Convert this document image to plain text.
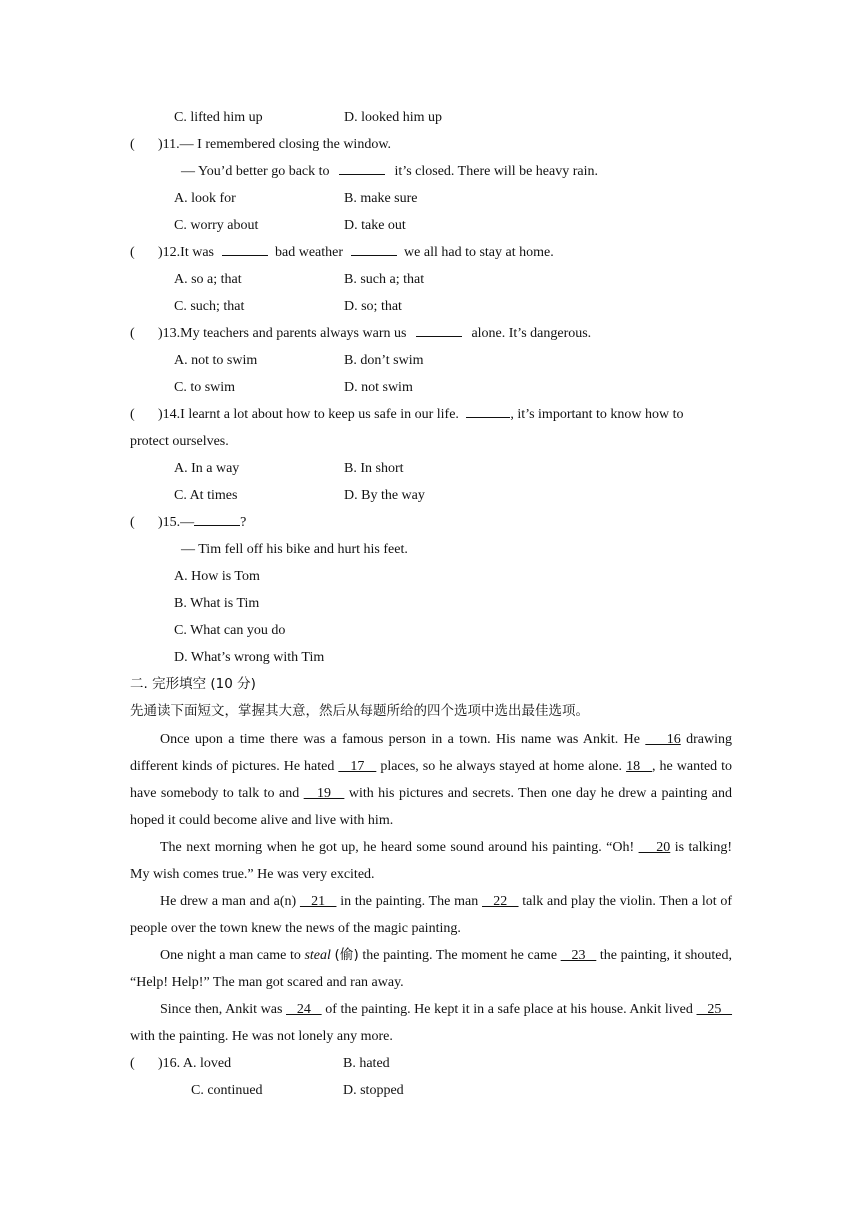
C. lifted him up	D. looked him up
( )11.— I remembered closing the window.
— You’d better go back to	it’s closed. There will be heavy rain.
A. look for	B. make sure
C. worry about	D. take out
( )12.It was	bad weather	we all had to stay at home.
A. so a; that	B. such a; that
C. such; that	D. so; that
( )13.My teachers and parents always warn us	alone. It’s dangerous.
A. not to swim	B. don’t swim
C. to swim	D. not swim
( )14.I learnt a lot about how to keep us safe in our life.	, it’s important to know how to
protect ourselves.
A. In a way	B. In short
C. At times	D. By the way
( )15.—	?
— Tim fell off his bike and hurt his feet.
A. How is Tom
B. What is Tim
C. What can you do
D. What’s wrong with Tim
二. 完形填空 (10 分)
先通读下面短文，掌握其大意，然后从每题所给的四个选项中选出最佳选项。
Once upon a time there was a famous person in a town. His name was Ankit. He     16 drawing different kinds of pictures. He hated    17    places, so he always stayed at home alone. 18   , he wanted to have somebody to talk to and    19    with his pictures and secrets. Then one day he drew a painting and hoped it could become alive and live with him.
The next morning when he got up, he heard some sound around his painting. “Oh!     20 is talking! My wish comes true.” He was very excited.
He drew a man and a(n)    21    in the painting. The man    22    talk and play the violin. Then a lot of people over the town knew the news of the magic painting.
One night a man came to steal (偷) the painting. The moment he came    23    the painting, it shouted, “Help! Help!” The man got scared and ran away.
Since then, Ankit was    24    of the painting. He kept it in a safe place at his house. Ankit lived    25    with the painting. He was not lonely any more.
( )16. A. loved	B. hated
C. continued	D. stopped
